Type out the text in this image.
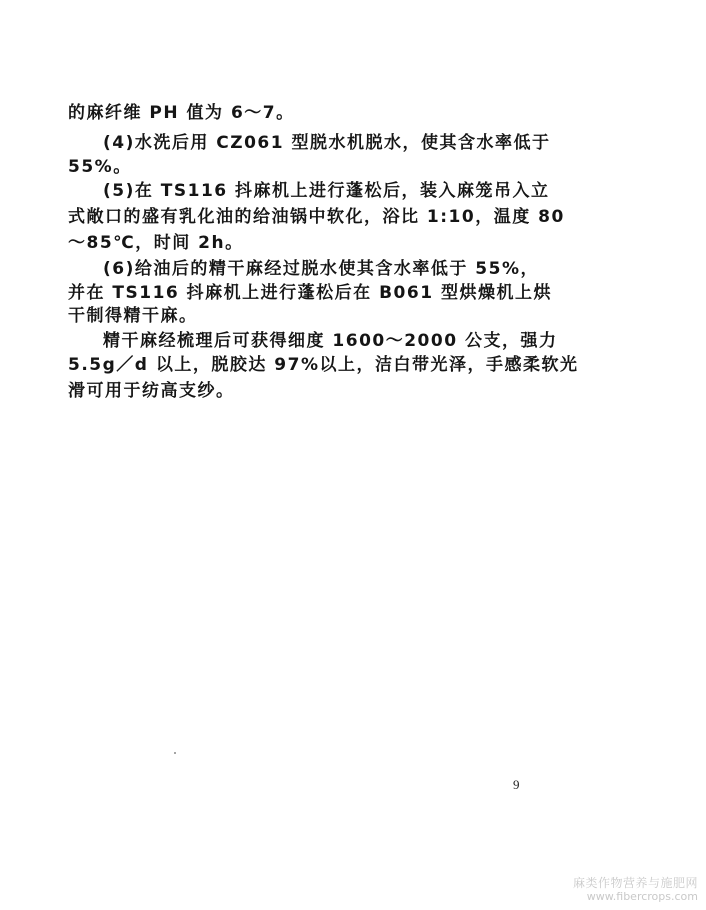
的麻纤维 PH 值为 6～7。
(4)水洗后用 CZ061 型脱水机脱水，使其含水率低于
55%。
(5)在 TS116 抖麻机上进行蓬松后，装入麻笼吊入立
式敞口的盛有乳化油的给油锅中软化，浴比 1:10，温度 80
～85℃，时间 2h。
(6)给油后的精干麻经过脱水使其含水率低于 55%，
并在 TS116 抖麻机上进行蓬松后在 B061 型烘燥机上烘
干制得精干麻。
精干麻经梳理后可获得细度 1600～2000 公支，强力
5.5g／d 以上，脱胶达 97%以上，洁白带光泽，手感柔软光
滑可用于纺高支纱。
9
麻类作物营养与施肥网
www.fibercrops.com
